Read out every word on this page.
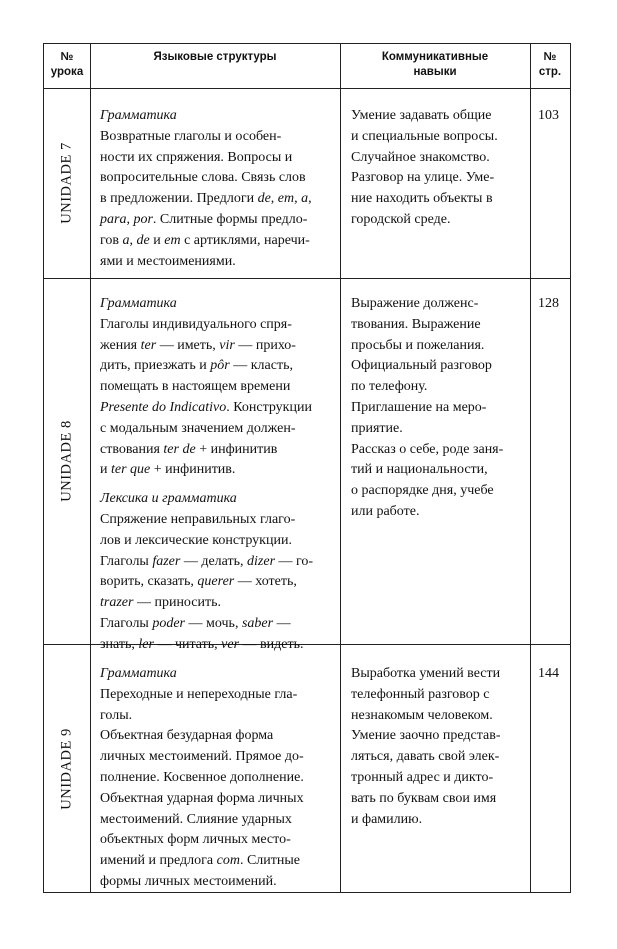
№
урока
Языковые структуры	Коммуникативные
навыки
№
стр.
UNIDADE 7

Грамматика

Возвратные глаголы и особен-

ности их спряжения. Вопросы и

вопросительные слова. Связь слов

в предложении. Предлоги de, em, a,

para, por. Слитные формы предло-

гов a, de и em с артиклями, наречи-

ями и местоимениями.

Умение задавать общие

и специальные вопросы.

Случайное знакомство.

Разговор на улице. Уме-

ние находить объекты в

городской среде.

103
UNIDADE 8

Грамматика

Глаголы индивидуального спря-

жения ter — иметь, vir — прихо-

дить, приезжать и pôr — класть,

помещать в настоящем времени

Presente do Indicativo. Конструкции

с модальным значением должен-

ствования ter de + инфинитив

и ter que + инфинитив.

Лексика и грамматика

Спряжение неправильных глаго-

лов и лексические конструкции.

Глаголы fazer — делать, dizer — го-

ворить, сказать, querer — хотеть,

trazer — приносить.

Глаголы poder — мочь, saber —

знать, ler — читать, ver — видеть.

Выражение долженс-

твования. Выражение

просьбы и пожелания.

Официальный разговор

по телефону.

Приглашение на меро-

приятие.

Рассказ о себе, роде заня-

тий и национальности,

о распорядке дня, учебе

или работе.

128
UNIDADE 9

Грамматика

Переходные и непереходные гла-

голы.

Объектная безударная форма

личных местоимений. Прямое до-

полнение. Косвенное дополнение.

Объектная ударная форма личных

местоимений. Слияние ударных

объектных форм личных место-

имений и предлога com. Слитные

формы личных местоимений.

Выработка умений вести

телефонный разговор с

незнакомым человеком.

Умение заочно представ-

ляться, давать свой элек-

тронный адрес и дикто-

вать по буквам свои имя

и фамилию.

144
